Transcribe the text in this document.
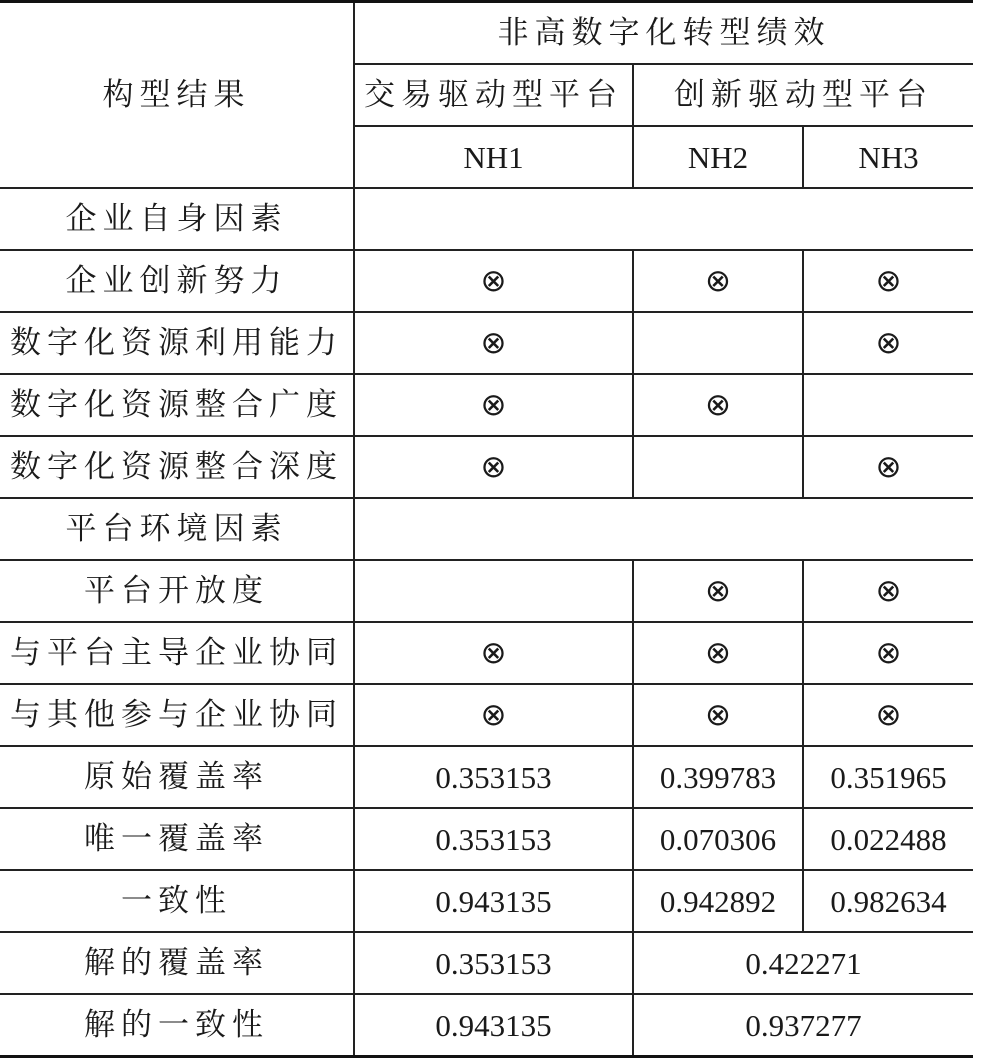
构型结果	非高数字化转型绩效		
	交易驱动型平台	创新驱动型平台	
	NH1	NH2	NH3
企业自身因素			
企业创新努力	⊗	⊗	⊗
数字化资源利用能力	⊗		⊗
数字化资源整合广度	⊗	⊗	
数字化资源整合深度	⊗		⊗
平台环境因素			
平台开放度		⊗	⊗
与平台主导企业协同	⊗	⊗	⊗
与其他参与企业协同	⊗	⊗	⊗
原始覆盖率	0.353153	0.399783	0.351965
唯一覆盖率	0.353153	0.070306	0.022488
一致性	0.943135	0.942892	0.982634
解的覆盖率	0.353153	0.422271	
解的一致性	0.943135	0.937277	
